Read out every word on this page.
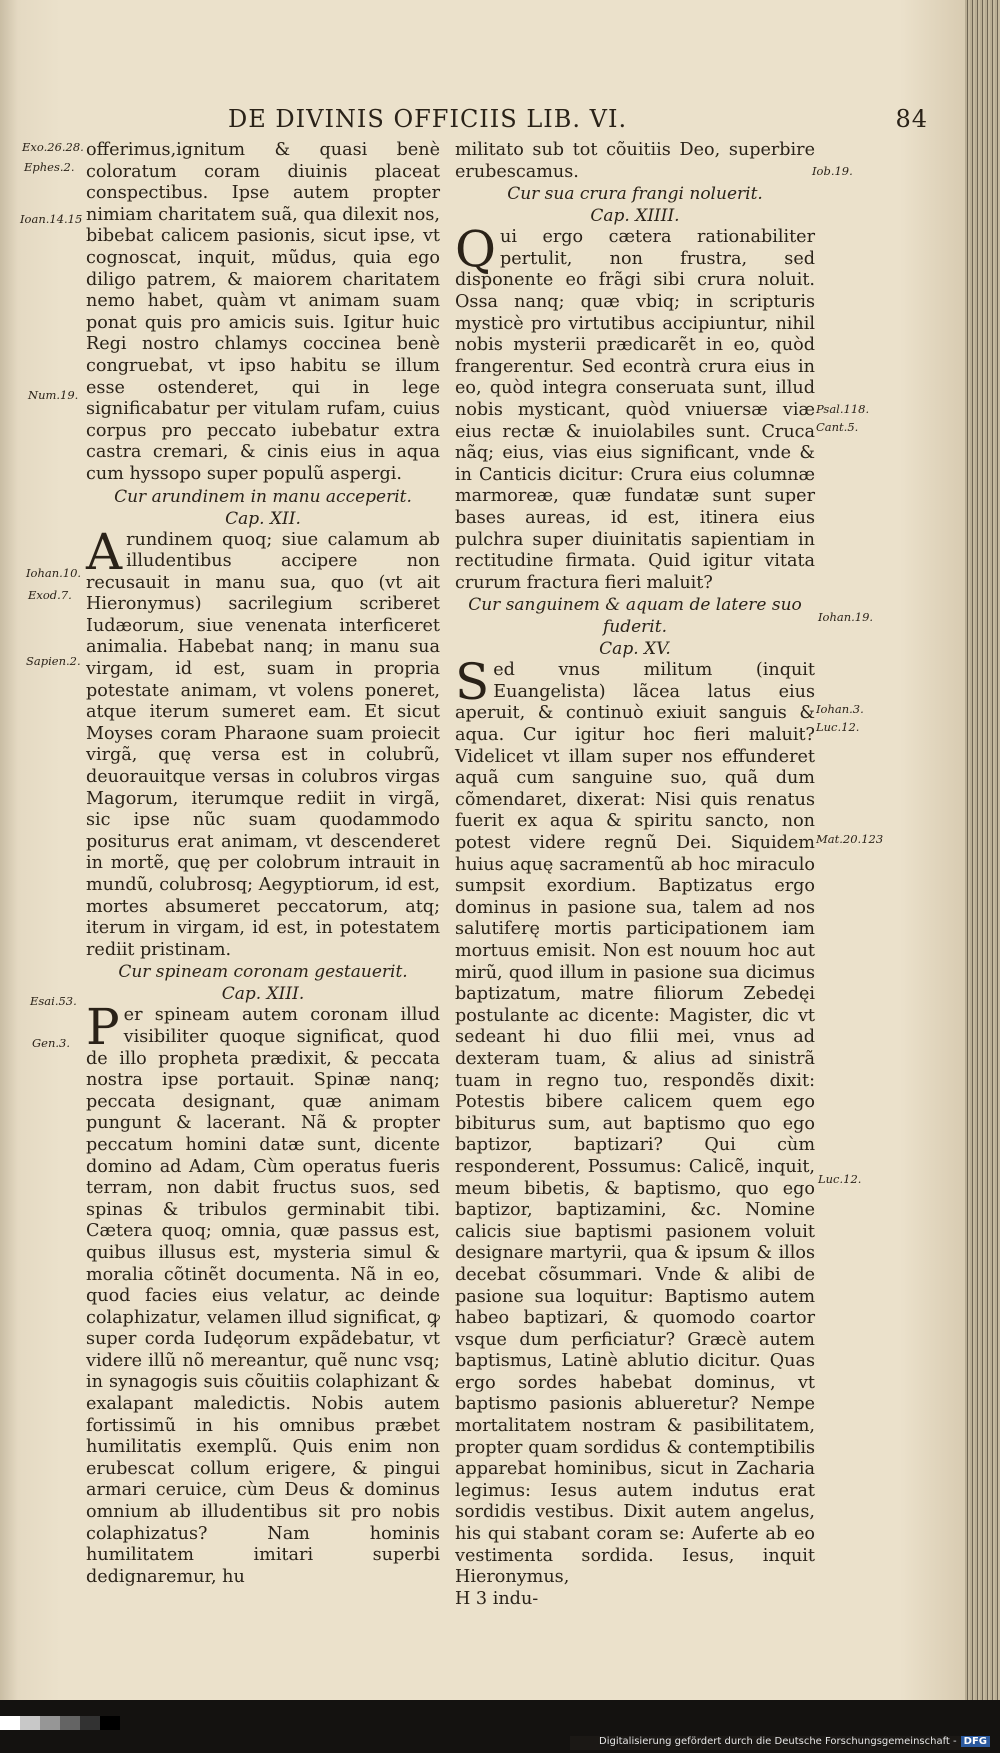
DE DIVINIS OFFICIIS LIB. VI.	84

offerimus,ignitum & quasi benè coloratum coram diuinis placeat conspectibus. Ipse autem propter nimiam charitatem suã, qua dilexit nos, bibebat calicem pasionis, sicut ipse, vt cognoscat, inquit, mũdus, quia ego diligo patrem, & maiorem charitatem nemo habet, quàm vt animam suam ponat quis pro amicis suis. Igitur huic Regi nostro chlamys coccinea benè congruebat, vt ipso habitu se illum esse ostenderet, qui in lege significabatur per vitulam rufam, cuius corpus pro peccato iubebatur extra castra cremari, & cinis eius in aqua cum hyssopo super populũ aspergi.

Cur arundinem in manu acceperit.
Cap. XII.

Arundinem quoq; siue calamum ab illudentibus accipere non recusauit in manu sua, quo (vt ait Hieronymus) sacrilegium scriberet Iudæorum, siue venenata interficeret animalia. Habebat nanq; in manu sua virgam, id est, suam in propria potestate animam, vt volens poneret, atque iterum sumeret eam. Et sicut Moyses coram Pharaone suam proiecit virgã, quę versa est in colubrũ, deuorauitque versas in colubros virgas Magorum, iterumque rediit in virgã, sic ipse nũc suam quodammodo positurus erat animam, vt descenderet in mortẽ, quę per colobrum intrauit in mundũ, colubrosq; Aegyptiorum, id est, mortes absumeret peccatorum, atq; iterum in virgam, id est, in potestatem rediit pristinam.

Cur spineam coronam gestauerit.
Cap. XIII.

Per spineam autem coronam illud visibiliter quoque significat, quod de illo propheta prædixit, & peccata nostra ipse portauit. Spinæ nanq; peccata designant, quæ animam pungunt & lacerant. Nã & propter peccatum homini datæ sunt, dicente domino ad Adam, Cùm operatus fueris terram, non dabit fructus suos, sed spinas & tribulos germinabit tibi. Cætera quoq; omnia, quæ passus est, quibus illusus est, mysteria simul & moralia cõtinẽt documenta. Nã in eo, quod facies eius velatur, ac deinde colaphizatur, velamen illud significat, ꝙ super corda Iudęorum expãdebatur, vt videre illũ nõ mereantur, quẽ nunc vsq; in synagogis suis cõuitiis colaphizant & exalapant maledictis. Nobis autem fortissimũ in his omnibus præbet humilitatis exemplũ. Quis enim non erubescat collum erigere, & pingui armari ceruice, cùm Deus & dominus omnium ab illudentibus sit pro nobis colaphizatus? Nam hominis humilitatem imitari superbi dedignaremur, hu

militato sub tot cõuitiis Deo, superbire erubescamus.

Cur sua crura frangi noluerit.
Cap. XIIII.

Qui ergo cætera rationabiliter pertulit, non frustra, sed disponente eo frãgi sibi crura noluit. Ossa nanq; quæ vbiq; in scripturis mysticè pro virtutibus accipiuntur, nihil nobis mysterii prædicarẽt in eo, quòd frangerentur. Sed econtrà crura eius in eo, quòd integra conseruata sunt, illud nobis mysticant, quòd vniuersæ viæ eius rectæ & inuiolabiles sunt. Cruca nãq; eius, vias eius significant, vnde & in Canticis dicitur: Crura eius columnæ marmoreæ, quæ fundatæ sunt super bases aureas, id est, itinera eius pulchra super diuinitatis sapientiam in rectitudine firmata. Quid igitur vitata crurum fractura fieri maluit?

Cur sanguinem & aquam de latere suo fuderit.
Cap. XV.

Sed vnus militum (inquit Euangelista) lãcea latus eius aperuit, & continuò exiuit sanguis & aqua. Cur igitur hoc fieri maluit? Videlicet vt illam super nos effunderet aquã cum sanguine suo, quã dum cõmendaret, dixerat: Nisi quis renatus fuerit ex aqua & spiritu sancto, non potest videre regnũ Dei. Siquidem huius aquę sacramentũ ab hoc miraculo sumpsit exordium. Baptizatus ergo dominus in pasione sua, talem ad nos salutiferę mortis participationem iam mortuus emisit. Non est nouum hoc aut mirũ, quod illum in pasione sua dicimus baptizatum, matre filiorum Zebedęi postulante ac dicente: Magister, dic vt sedeant hi duo filii mei, vnus ad dexteram tuam, & alius ad sinistrã tuam in regno tuo, respondẽs dixit: Potestis bibere calicem quem ego bibiturus sum, aut baptismo quo ego baptizor, baptizari? Qui cùm responderent, Possumus: Calicẽ, inquit, meum bibetis, & baptismo, quo ego baptizor, baptizamini, &c. Nomine calicis siue baptismi pasionem voluit designare martyrii, qua & ipsum & illos decebat cõsummari. Vnde & alibi de pasione sua loquitur: Baptismo autem habeo baptizari, & quomodo coartor vsque dum perficiatur? Græcè autem baptismus, Latinè ablutio dicitur. Quas ergo sordes habebat dominus, vt baptismo pasionis ablueretur? Nempe mortalitatem nostram & pasibilitatem, propter quam sordidus & contemptibilis apparebat hominibus, sicut in Zacharia legimus: Iesus autem indutus erat sordidis vestibus. Dixit autem angelus, his qui stabant coram se: Auferte ab eo vestimenta sordida. Iesus, inquit Hieronymus,

H 3 indu-

Exo.26.28.
Ephes.2.
Ioan.14.15
Num.19.
Iohan.10.
Exod.7.
Sapien.2.
Esai.53.
Gen.3.
Iob.19.
Psal.118.
Cant.5.
Iohan.19.
Iohan.3.
Luc.12.
Mat.20.123
Luc.12.
Digitalisierung gefördert durch die Deutsche Forschungsgemeinschaft - DFG
